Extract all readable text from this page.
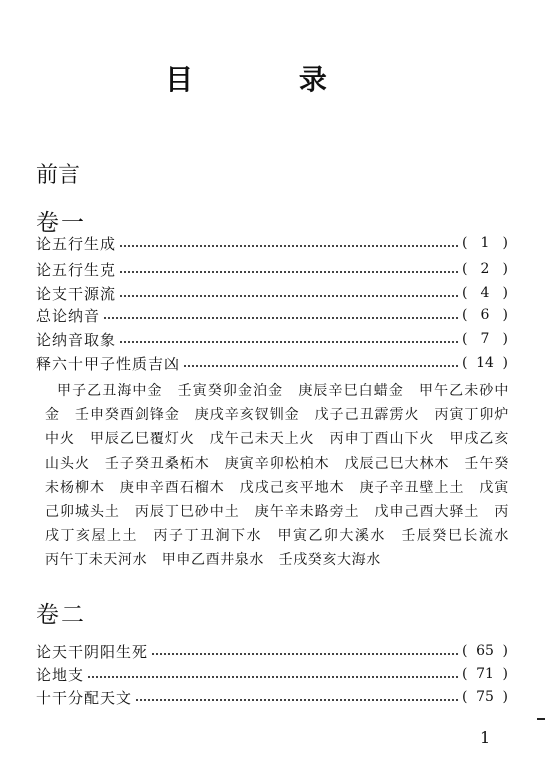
目 录
前言
卷一
论五行生成	( 1 )
论五行生克	( 2 )
论支干源流	( 4 )
总论纳音	( 6 )
论纳音取象	( 7 )
释六十甲子性质吉凶	( 14 )
甲子乙丑海中金　壬寅癸卯金泊金　庚辰辛巳白蜡金　甲午乙未砂中金　壬申癸酉剑锋金　庚戌辛亥钗钏金　戊子己丑霹雳火　丙寅丁卯炉中火　甲辰乙巳覆灯火　戊午己未天上火　丙申丁酉山下火　甲戌乙亥山头火　壬子癸丑桑柘木　庚寅辛卯松柏木　戊辰己巳大林木　壬午癸未杨柳木　庚申辛酉石榴木　戊戌己亥平地木　庚子辛丑壁上土　戊寅己卯城头土　丙辰丁巳砂中土　庚午辛未路旁土　戊申己酉大驿土　丙戌丁亥屋上土　丙子丁丑涧下水　甲寅乙卯大溪水　壬辰癸巳长流水　丙午丁未天河水　甲申乙酉井泉水　壬戌癸亥大海水
卷二
论天干阴阳生死	( 65 )
论地支	( 71 )
十干分配天文	( 75 )
1
